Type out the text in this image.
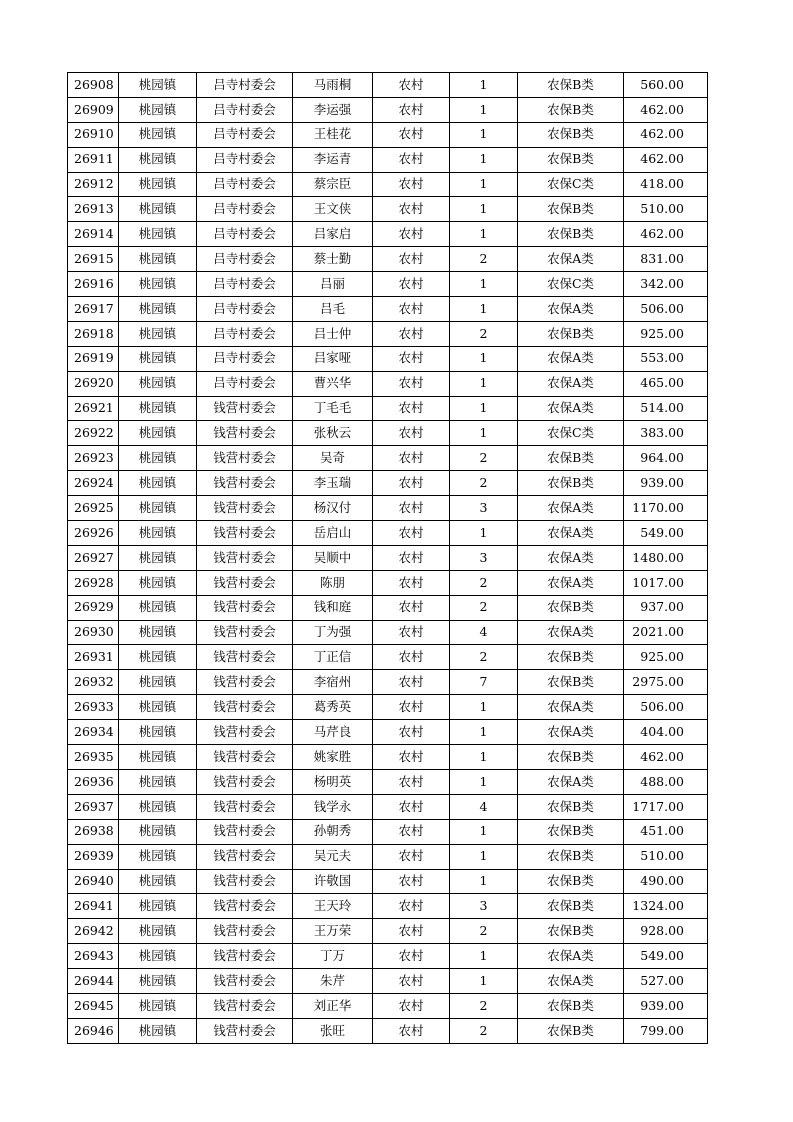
26908	桃园镇	吕寺村委会	马雨桐	农村	1	农保B类	560.00
26909	桃园镇	吕寺村委会	李运强	农村	1	农保B类	462.00
26910	桃园镇	吕寺村委会	王桂花	农村	1	农保B类	462.00
26911	桃园镇	吕寺村委会	李运青	农村	1	农保B类	462.00
26912	桃园镇	吕寺村委会	蔡宗臣	农村	1	农保C类	418.00
26913	桃园镇	吕寺村委会	王文侠	农村	1	农保B类	510.00
26914	桃园镇	吕寺村委会	吕家启	农村	1	农保B类	462.00
26915	桃园镇	吕寺村委会	蔡士勤	农村	2	农保A类	831.00
26916	桃园镇	吕寺村委会	吕丽	农村	1	农保C类	342.00
26917	桃园镇	吕寺村委会	吕毛	农村	1	农保A类	506.00
26918	桃园镇	吕寺村委会	吕士仲	农村	2	农保B类	925.00
26919	桃园镇	吕寺村委会	吕家哑	农村	1	农保A类	553.00
26920	桃园镇	吕寺村委会	曹兴华	农村	1	农保A类	465.00
26921	桃园镇	钱营村委会	丁毛毛	农村	1	农保A类	514.00
26922	桃园镇	钱营村委会	张秋云	农村	1	农保C类	383.00
26923	桃园镇	钱营村委会	吴奇	农村	2	农保B类	964.00
26924	桃园镇	钱营村委会	李玉瑞	农村	2	农保B类	939.00
26925	桃园镇	钱营村委会	杨汉付	农村	3	农保A类	1170.00
26926	桃园镇	钱营村委会	岳启山	农村	1	农保A类	549.00
26927	桃园镇	钱营村委会	吴顺中	农村	3	农保A类	1480.00
26928	桃园镇	钱营村委会	陈朋	农村	2	农保A类	1017.00
26929	桃园镇	钱营村委会	钱和庭	农村	2	农保B类	937.00
26930	桃园镇	钱营村委会	丁为强	农村	4	农保A类	2021.00
26931	桃园镇	钱营村委会	丁正信	农村	2	农保B类	925.00
26932	桃园镇	钱营村委会	李宿州	农村	7	农保B类	2975.00
26933	桃园镇	钱营村委会	葛秀英	农村	1	农保A类	506.00
26934	桃园镇	钱营村委会	马芹良	农村	1	农保A类	404.00
26935	桃园镇	钱营村委会	姚家胜	农村	1	农保B类	462.00
26936	桃园镇	钱营村委会	杨明英	农村	1	农保A类	488.00
26937	桃园镇	钱营村委会	钱学永	农村	4	农保B类	1717.00
26938	桃园镇	钱营村委会	孙朝秀	农村	1	农保B类	451.00
26939	桃园镇	钱营村委会	吴元夫	农村	1	农保B类	510.00
26940	桃园镇	钱营村委会	许敬国	农村	1	农保B类	490.00
26941	桃园镇	钱营村委会	王天玲	农村	3	农保B类	1324.00
26942	桃园镇	钱营村委会	王万荣	农村	2	农保B类	928.00
26943	桃园镇	钱营村委会	丁万	农村	1	农保A类	549.00
26944	桃园镇	钱营村委会	朱芹	农村	1	农保A类	527.00
26945	桃园镇	钱营村委会	刘正华	农村	2	农保B类	939.00
26946	桃园镇	钱营村委会	张旺	农村	2	农保B类	799.00
